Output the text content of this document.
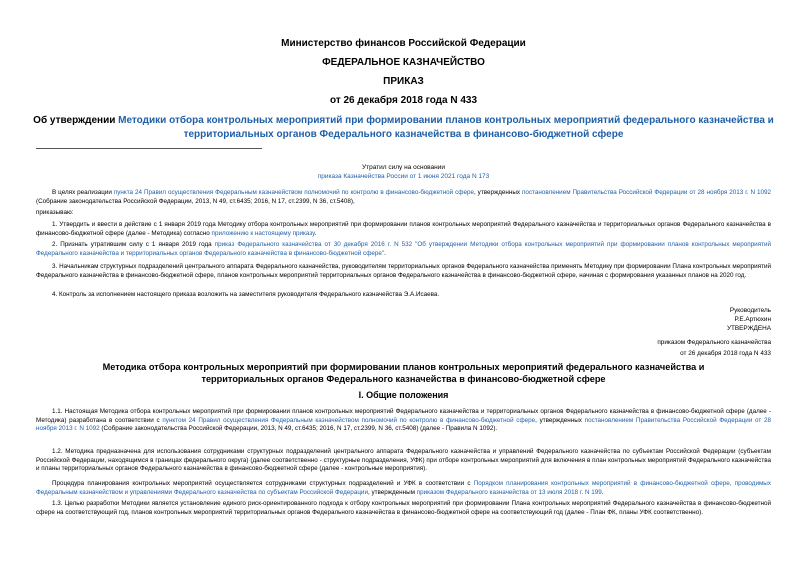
Министерство финансов Российской Федерации
ФЕДЕРАЛЬНОЕ КАЗНАЧЕЙСТВО
ПРИКАЗ
от 26 декабря 2018 года N 433
Об утверждении Методики отбора контрольных мероприятий при формировании планов контрольных мероприятий федерального казначейства и территориальных органов Федерального казначейства в финансово-бюджетной сфере
Утратил силу на основании
приказа Казначейства России от 1 июня 2021 года N 173
В целях реализации пункта 24 Правил осуществления Федеральным казначейством полномочий по контролю в финансово-бюджетной сфере, утвержденных постановлением Правительства Российской Федерации от 28 ноября 2013 г. N 1092 (Собрание законодательства Российской Федерации, 2013, N 49, ст.6435; 2016, N 17, ст.2399, N 36, ст.5408),
приказываю:
1. Утвердить и ввести в действие с 1 января 2019 года Методику отбора контрольных мероприятий при формировании планов контрольных мероприятий Федерального казначейства и территориальных органов Федерального казначейства в финансово-бюджетной сфере (далее - Методика) согласно приложению к настоящему приказу.
2. Признать утратившим силу с 1 января 2019 года приказ Федерального казначейства от 30 декабря 2016 г. N 532 "Об утверждении Методики отбора контрольных мероприятий при формировании планов контрольных мероприятий Федерального казначейства и территориальных органов Федерального казначейства в финансово-бюджетной сфере".
3. Начальникам структурных подразделений центрального аппарата Федерального казначейства, руководителям территориальных органов Федерального казначейства применять Методику при формировании Плана контрольных мероприятий Федерального казначейства в финансово-бюджетной сфере, планов контрольных мероприятий территориальных органов Федерального казначейства в финансово-бюджетной сфере, начиная с формирования указанных планов на 2020 год.
4. Контроль за исполнением настоящего приказа возложить на заместителя руководителя Федерального казначейства Э.А.Исаева.
Руководитель
Р.Е.Артюхин
УТВЕРЖДЕНА
приказом Федерального казначейства
от 26 декабря 2018 года N 433
Методика отбора контрольных мероприятий при формировании планов контрольных мероприятий федерального казначейства и территориальных органов Федерального казначейства в финансово-бюджетной сфере
I. Общие положения
1.1. Настоящая Методика отбора контрольных мероприятий при формировании планов контрольных мероприятий Федерального казначейства и территориальных органов Федерального казначейства в финансово-бюджетной сфере (далее - Методика) разработана в соответствии с пунктом 24 Правил осуществления Федеральным казначейством полномочий по контролю в финансово-бюджетной сфере, утвержденных постановлением Правительства Российской Федерации от 28 ноября 2013 г. N 1092 (Собрание законодательства Российской Федерации, 2013, N 49, ст.6435; 2016, N 17, ст.2399, N 36, ст.5408) (далее - Правила N 1092).
1.2. Методика предназначена для использования сотрудниками структурных подразделений центрального аппарата Федерального казначейства и управлений Федерального казначейства по субъектам Российской Федерации (субъектам Российской Федерации, находящимся в границах федерального округа) (далее соответственно - структурные подразделения, УФК) при отборе контрольных мероприятий для включения в план контрольных мероприятий Федерального казначейства и планы территориальных органов Федерального казначейства в финансово-бюджетной сфере (далее - контрольные мероприятия).
Процедура планирования контрольных мероприятий осуществляется сотрудниками структурных подразделений и УФК в соответствии с Порядком планирования контрольных мероприятий в финансово-бюджетной сфере, проводимых Федеральным казначейством и управлениями Федерального казначейства по субъектам Российской Федерации, утвержденным приказом Федерального казначейства от 13 июля 2018 г. N 199.
1.3. Целью разработки Методики является установление единого риск-ориентированного подхода к отбору контрольных мероприятий при формировании Плана контрольных мероприятий Федерального казначейства в финансово-бюджетной сфере на соответствующий год, планов контрольных мероприятий территориальных органов Федерального казначейства в финансово-бюджетной сфере на соответствующий год (далее - План ФК, планы УФК соответственно).
